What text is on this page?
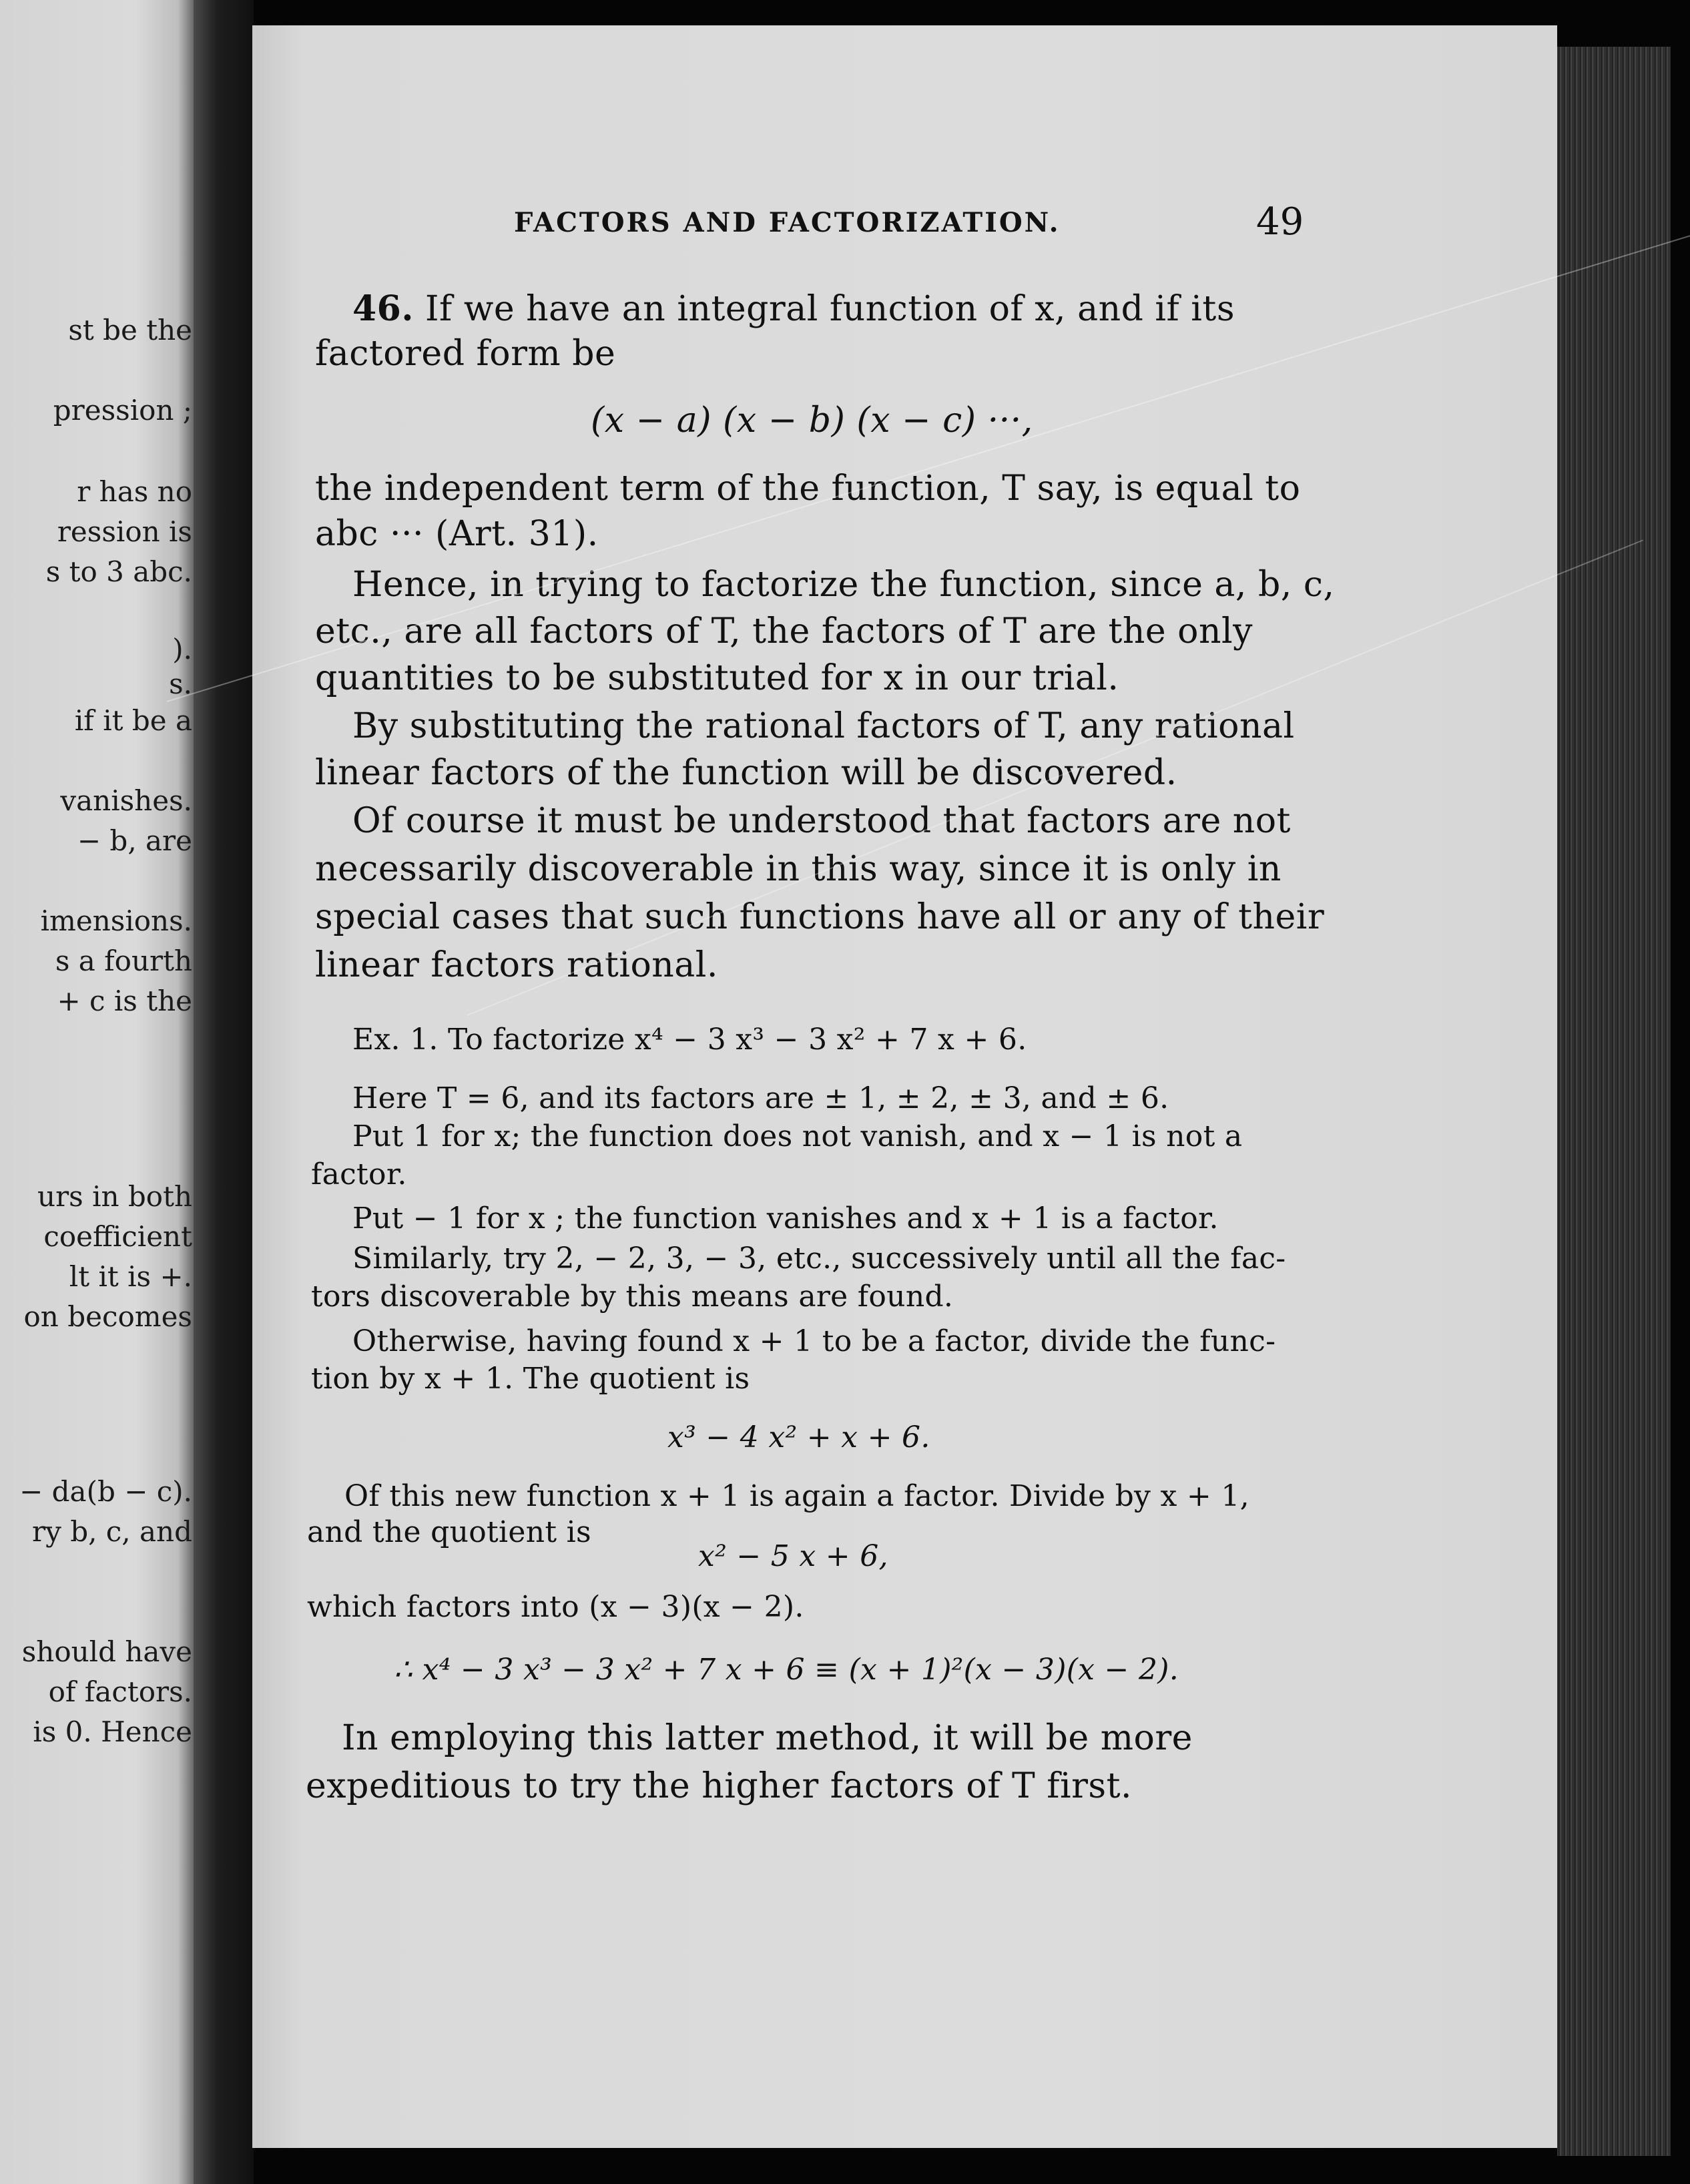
st be the
pression ;
r has no
ression is
s to 3 abc.
).
s.
if it be a
vanishes.
− b, are
imensions.
s a fourth
+ c is the
urs in both
coefficient
lt it is +.
on becomes
− da(b − c).
ry b, c, and
should have
of factors.
is 0. Hence
FACTORS AND FACTORIZATION.	49
46. If we have an integral function of x, and if its
factored form be
(x − a) (x − b) (x − c) ···,
the independent term of the function, T say, is equal to
abc ··· (Art. 31).
Hence, in trying to factorize the function, since a, b, c,
etc., are all factors of T, the factors of T are the only
quantities to be substituted for x in our trial.
By substituting the rational factors of T, any rational
linear factors of the function will be discovered.
Of course it must be understood that factors are not
necessarily discoverable in this way, since it is only in
special cases that such functions have all or any of their
linear factors rational.
Ex. 1. To factorize x⁴ − 3 x³ − 3 x² + 7 x + 6.
Here T = 6, and its factors are ± 1, ± 2, ± 3, and ± 6.
Put 1 for x; the function does not vanish, and x − 1 is not a
factor.
Put − 1 for x ; the function vanishes and x + 1 is a factor.
Similarly, try 2, − 2, 3, − 3, etc., successively until all the fac-
tors discoverable by this means are found.
Otherwise, having found x + 1 to be a factor, divide the func-
tion by x + 1. The quotient is
x³ − 4 x² + x + 6.
Of this new function x + 1 is again a factor. Divide by x + 1,
and the quotient is
x² − 5 x + 6,
which factors into (x − 3)(x − 2).
∴ x⁴ − 3 x³ − 3 x² + 7 x + 6 ≡ (x + 1)²(x − 3)(x − 2).
In employing this latter method, it will be more
expeditious to try the higher factors of T first.
